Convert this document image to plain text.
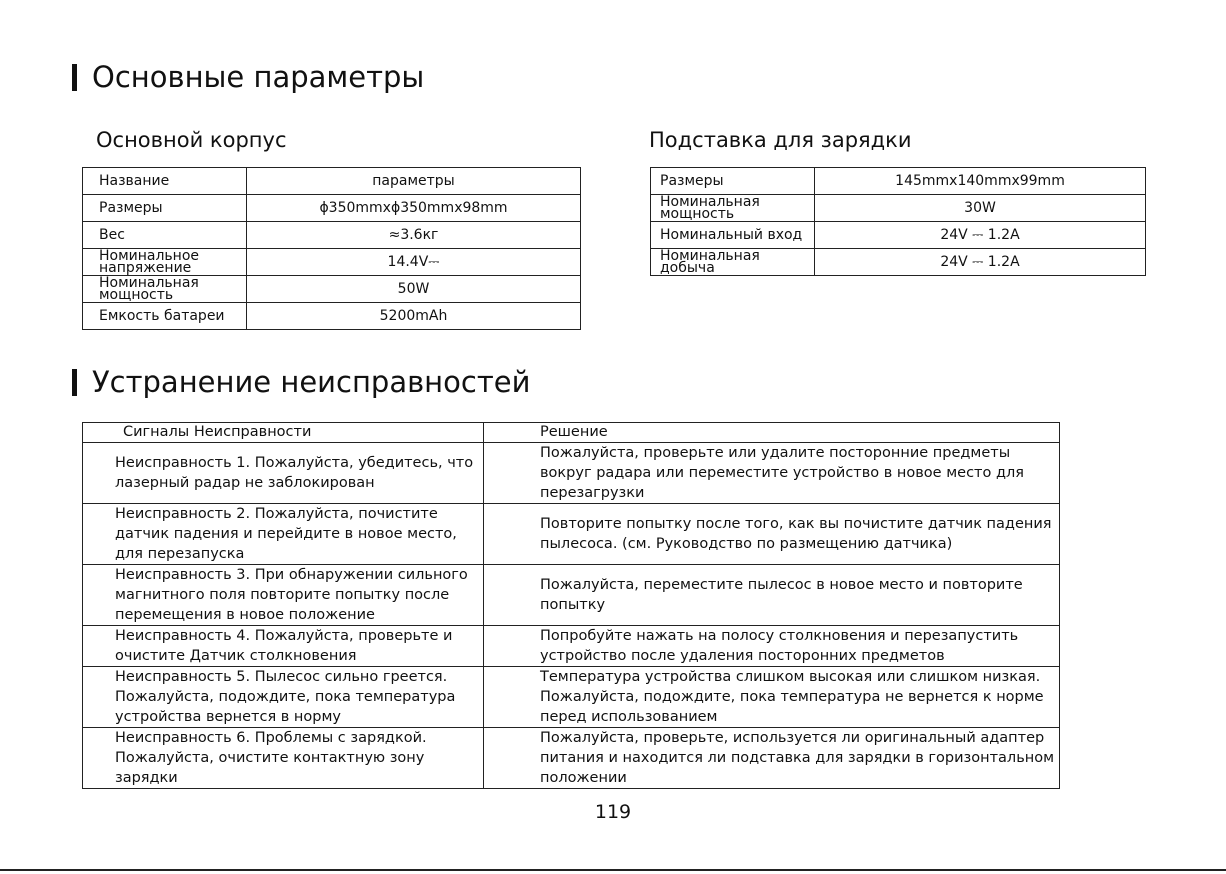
Основные параметры
Основной корпус
Название	параметры
Размеры	ϕ350mmxϕ350mmx98mm
Вес	≈3.6кг

Номинальное напряжение	14.4V⎓

Номинальная мощность	50W
Емкость батареи	5200mAh
Подставка для зарядки
Размеры	145mmx140mmx99mm

Номинальная мощность	30W
Номинальный вход	24V ⎓ 1.2A

Номинальная добыча	24V ⎓ 1.2A
Устранение неисправностей
Сигналы Неисправности	Решение
Неисправность 1. Пожалуйста, убедитесь, что лазерный радар не заблокирован	Пожалуйста, проверьте или удалите посторонние предметы вокруг радара или переместите устройство в новое место для перезагрузки
Неисправность 2. Пожалуйста, почистите датчик падения и перейдите в новое место, для перезапуска	Повторите попытку после того, как вы почистите датчик падения пылесоса. (см. Руководство по размещению датчика)
Неисправность 3. При обнаружении сильного магнитного поля повторите попытку после перемещения в новое положение	Пожалуйста, переместите пылесос в новое место и повторите попытку
Неисправность 4. Пожалуйста, проверьте и очистите Датчик столкновения	Попробуйте нажать на полосу столкновения и перезапустить устройство после удаления посторонних предметов
Неисправность 5. Пылесос сильно греется. Пожалуйста, подождите, пока температура устройства вернется в норму	Температура устройства слишком высокая или слишком низкая. Пожалуйста, подождите, пока температура не вернется к норме перед использованием
Неисправность 6. Проблемы с зарядкой. Пожалуйста, очистите контактную зону зарядки	Пожалуйста, проверьте, используется ли оригинальный адаптер питания и находится ли подставка для зарядки в горизонтальном положении
119
